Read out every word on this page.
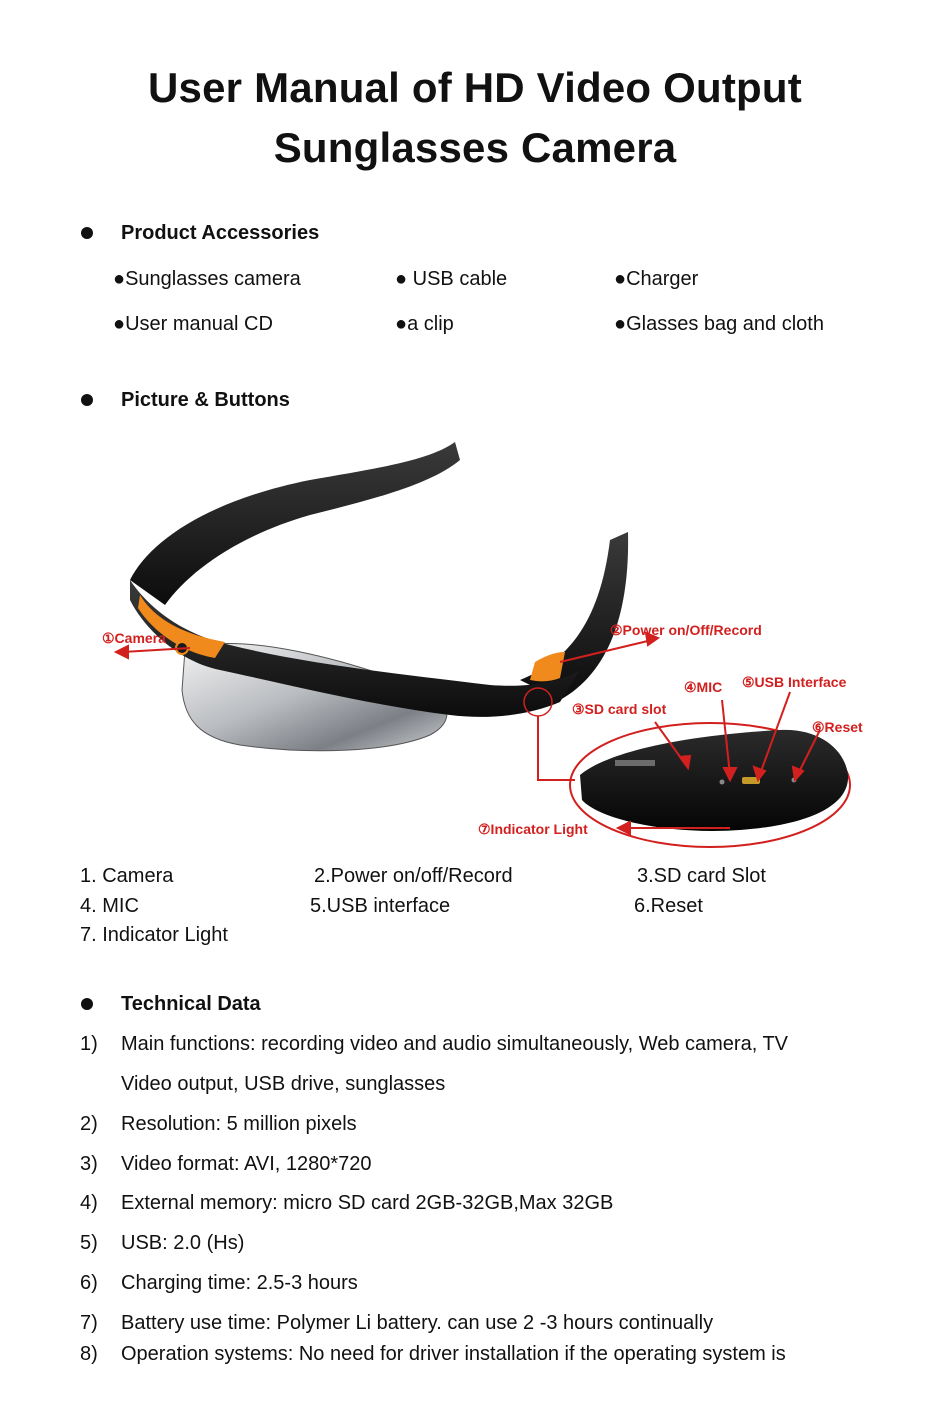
User Manual of HD Video Output
Sunglasses Camera
Product Accessories
●Sunglasses camera	● USB cable	●Charger
●User manual CD	●a clip	●Glasses bag and cloth
Picture & Buttons
①Camera	②Power on/Off/Record
③SD card slot
④MIC ⑤USB Interface
⑥Reset
⑦Indicator Light
1. Camera	2.Power on/off/Record	3.SD card Slot
4. MIC	5.USB interface	6.Reset
7. Indicator Light
Technical Data
1) Main functions: recording video and audio simultaneously, Web camera, TV
Video output, USB drive, sunglasses
2) Resolution: 5 million pixels
3) Video format: AVI, 1280*720
4) External memory: micro SD card 2GB-32GB,Max 32GB
5) USB: 2.0 (Hs)
6) Charging time: 2.5-3 hours
7) Battery use time: Polymer Li battery. can use 2 -3 hours continually
8) Operation systems: No need for driver installation if the operating system is
